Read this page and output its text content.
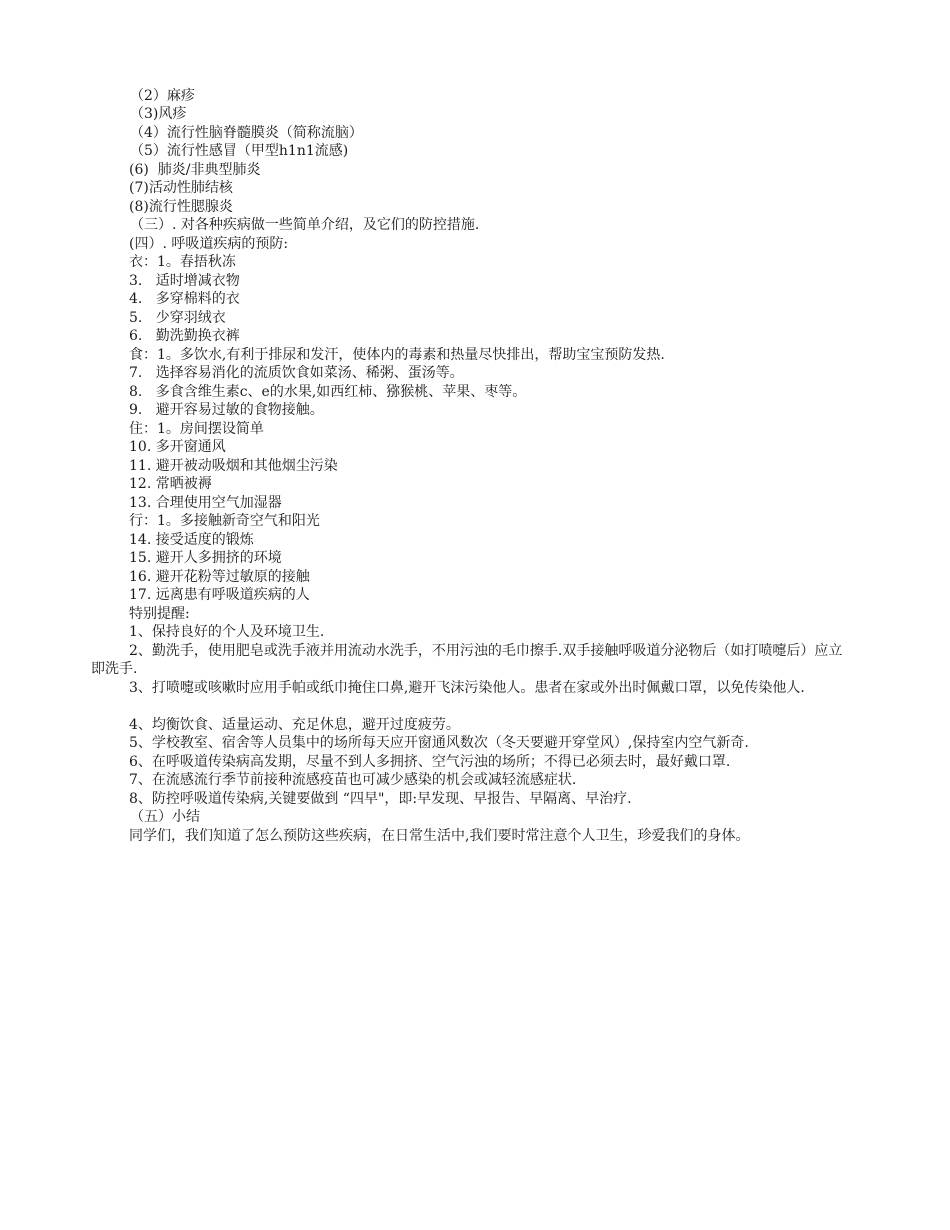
（2）麻疹
（3)风疹
（4）流行性脑脊髓膜炎（简称流脑）
（5）流行性感冒（甲型h1n1流感)
(6)  肺炎/非典型肺炎
(7)活动性肺结核
(8)流行性腮腺炎
（三）. 对各种疾病做一些简单介绍，及它们的防控措施.
(四）. 呼吸道疾病的预防:
衣：1。春捂秋冻
3.   适时增减衣物
4.   多穿棉料的衣
5.   少穿羽绒衣
6.   勤洗勤换衣裤
食：1。多饮水,有利于排尿和发汗，使体内的毒素和热量尽快排出，帮助宝宝预防发热.
7.   选择容易消化的流质饮食如菜汤、稀粥、蛋汤等。
8.   多食含维生素c、e的水果,如西红柿、猕猴桃、苹果、枣等。
9.   避开容易过敏的食物接触。
住：1。房间摆设简单
10. 多开窗通风
11. 避开被动吸烟和其他烟尘污染
12. 常晒被褥
13. 合理使用空气加湿器
行：1。多接触新奇空气和阳光
14. 接受适度的锻炼
15. 避开人多拥挤的环境
16. 避开花粉等过敏原的接触
17. 远离患有呼吸道疾病的人
特别提醒:
1、保持良好的个人及环境卫生.
2、勤洗手，使用肥皂或洗手液并用流动水洗手，不用污浊的毛巾擦手.双手接触呼吸道分泌物后（如打喷嚏后）应立即洗手.
3、打喷嚏或咳嗽时应用手帕或纸巾掩住口鼻,避开飞沫污染他人。患者在家或外出时佩戴口罩，以免传染他人.
4、均衡饮食、适量运动、充足休息，避开过度疲劳。
5、学校教室、宿舍等人员集中的场所每天应开窗通风数次（冬天要避开穿堂风）,保持室内空气新奇.
6、在呼吸道传染病高发期，尽量不到人多拥挤、空气污浊的场所；不得已必须去时，最好戴口罩.
7、在流感流行季节前接种流感疫苗也可减少感染的机会或减轻流感症状.
8、防控呼吸道传染病,关键要做到 “四早"，即:早发现、早报告、早隔离、早治疗.
（五）小结
同学们，我们知道了怎么预防这些疾病，在日常生活中,我们要时常注意个人卫生，珍爱我们的身体。
